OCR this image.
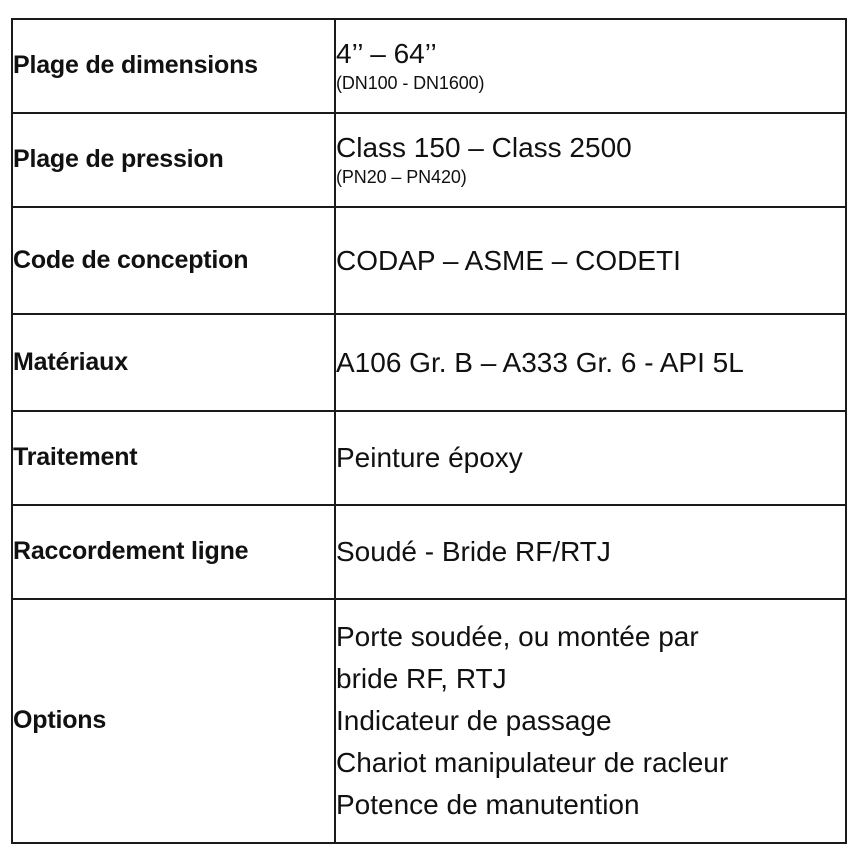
Plage de dimensions	4’’ – 64’’
(DN100 - DN1600)

Plage de pression	Class 150 – Class 2500
(PN20 – PN420)

Code de conception	CODAP – ASME – CODETI

Matériaux	A106 Gr. B – A333 Gr. 6 - API 5L

Traitement	Peinture époxy

Raccordement ligne	Soudé - Bride RF/RTJ

Options	Porte soudée, ou montée par
bride RF, RTJ
Indicateur de passage
Chariot manipulateur de racleur
Potence de manutention
